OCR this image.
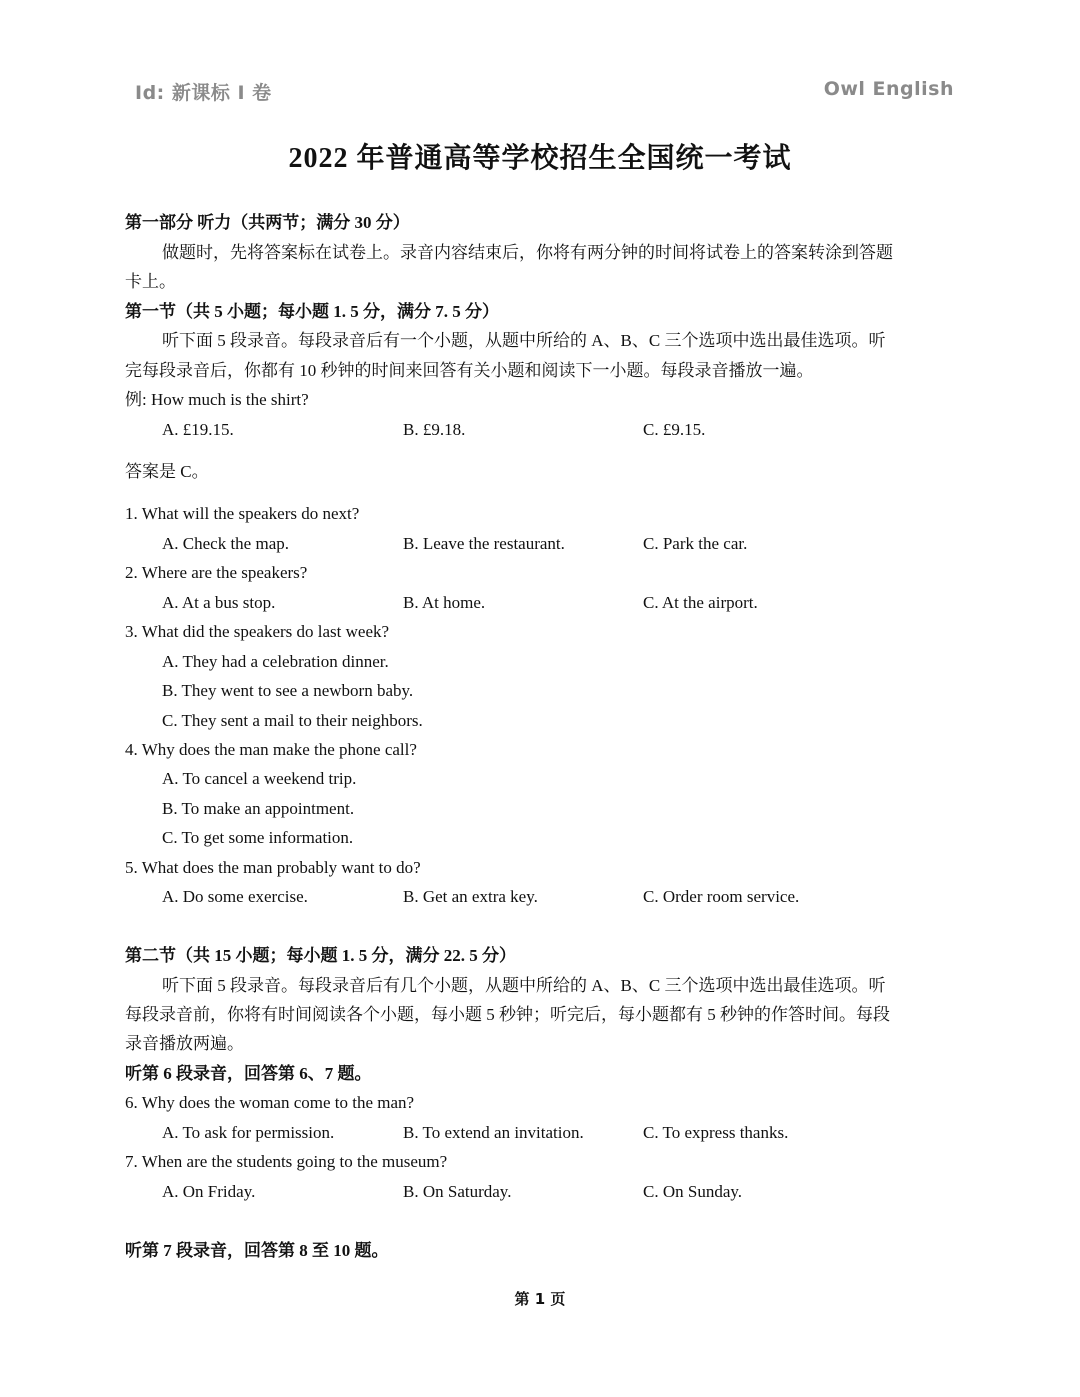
Id: 新课标 I 卷	Owl English
2022 年普通高等学校招生全国统一考试
第一部分 听力（共两节；满分 30 分）
做题时，先将答案标在试卷上。录音内容结束后，你将有两分钟的时间将试卷上的答案转涂到答题
卡上。
第一节（共 5 小题；每小题 1. 5 分，满分 7. 5 分）
听下面 5 段录音。每段录音后有一个小题，从题中所给的 A、B、C 三个选项中选出最佳选项。听
完每段录音后，你都有 10 秒钟的时间来回答有关小题和阅读下一小题。每段录音播放一遍。
例: How much is the shirt?
A. £19.15.	B. £9.18.	C. £9.15.
答案是 C。
1. What will the speakers do next?
A. Check the map.	B. Leave the restaurant.	C. Park the car.
2. Where are the speakers?
A. At a bus stop.	B. At home.	C. At the airport.
3. What did the speakers do last week?
A. They had a celebration dinner.
B. They went to see a newborn baby.
C. They sent a mail to their neighbors.
4. Why does the man make the phone call?
A. To cancel a weekend trip.
B. To make an appointment.
C. To get some information.
5. What does the man probably want to do?
A. Do some exercise.	B. Get an extra key.	C. Order room service.
第二节（共 15 小题；每小题 1. 5 分，满分 22. 5 分）
听下面 5 段录音。每段录音后有几个小题，从题中所给的 A、B、C 三个选项中选出最佳选项。听
每段录音前，你将有时间阅读各个小题，每小题 5 秒钟；听完后，每小题都有 5 秒钟的作答时间。每段
录音播放两遍。
听第 6 段录音，回答第 6、7 题。
6. Why does the woman come to the man?
A. To ask for permission.	B. To extend an invitation.	C. To express thanks.
7. When are the students going to the museum?
A. On Friday.	B. On Saturday.	C. On Sunday.
听第 7 段录音，回答第 8 至 10 题。
第 1 页
